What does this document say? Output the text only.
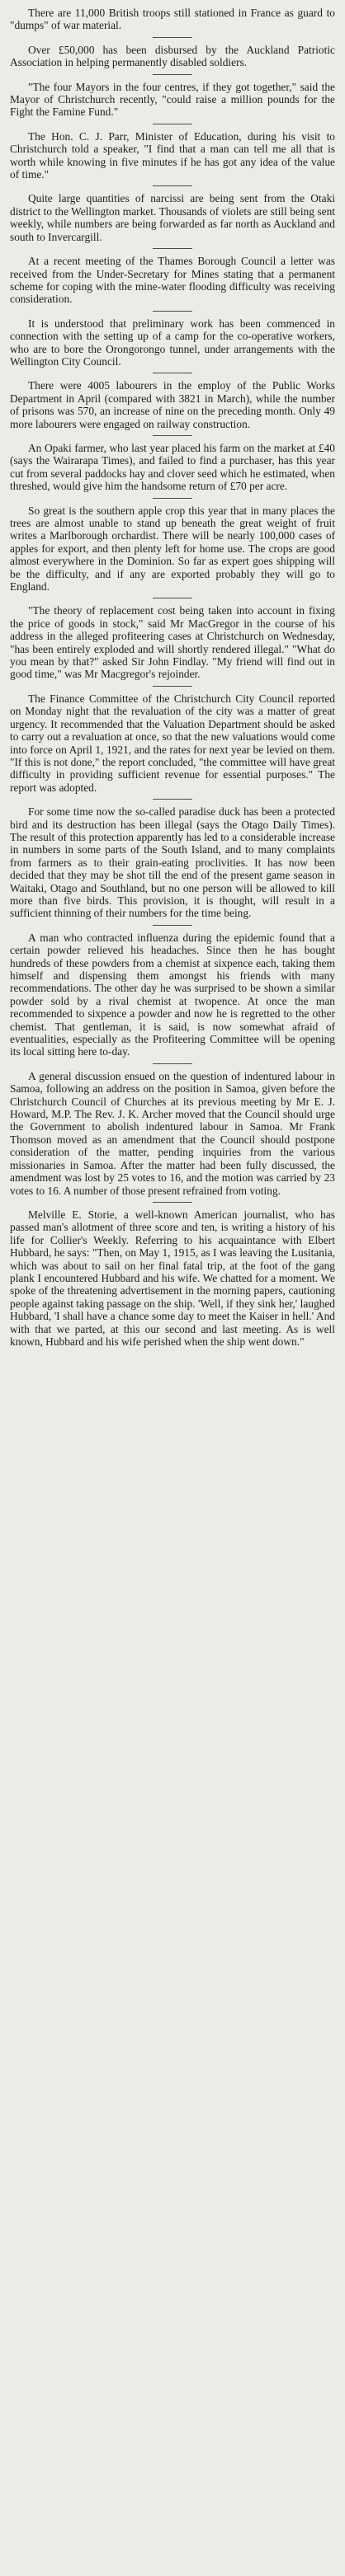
There are 11,000 British troops still stationed in France as guard to "dumps" of war material.

Over £50,000 has been disbursed by the Auckland Patriotic Association in helping permanently disabled soldiers.

"The four Mayors in the four centres, if they got together," said the Mayor of Christchurch recently, "could raise a million pounds for the Fight the Famine Fund."

The Hon. C. J. Parr, Minister of Education, during his visit to Christchurch told a speaker, "I find that a man can tell me all that is worth while knowing in five minutes if he has got any idea of the value of time."

Quite large quantities of narcissi are being sent from the Otaki district to the Wellington market. Thousands of violets are still being sent weekly, while numbers are being forwarded as far north as Auckland and south to Invercargill.

At a recent meeting of the Thames Borough Council a letter was received from the Under-Secretary for Mines stating that a permanent scheme for coping with the mine-water flooding difficulty was receiving consideration.

It is understood that preliminary work has been commenced in connection with the setting up of a camp for the co-operative workers, who are to bore the Orongorongo tunnel, under arrangements with the Wellington City Council.

There were 4005 labourers in the employ of the Public Works Department in April (compared with 3821 in March), while the number of prisons was 570, an increase of nine on the preceding month. Only 49 more labourers were engaged on railway construction.

An Opaki farmer, who last year placed his farm on the market at £40 (says the Wairarapa Times), and failed to find a purchaser, has this year cut from several paddocks hay and clover seed which he estimated, when threshed, would give him the handsome return of £70 per acre.

So great is the southern apple crop this year that in many places the trees are almost unable to stand up beneath the great weight of fruit writes a Marlborough orchardist. There will be nearly 100,000 cases of apples for export, and then plenty left for home use. The crops are good almost everywhere in the Dominion. So far as expert goes shipping will be the difficulty, and if any are exported probably they will go to England.

"The theory of replacement cost being taken into account in fixing the price of goods in stock," said Mr MacGregor in the course of his address in the alleged profiteering cases at Christchurch on Wednesday, "has been entirely exploded and will shortly rendered illegal." "What do you mean by that?" asked Sir John Findlay. "My friend will find out in good time," was Mr Macgregor's rejoinder.

The Finance Committee of the Christchurch City Council reported on Monday night that the revaluation of the city was a matter of great urgency. It recommended that the Valuation Department should be asked to carry out a revaluation at once, so that the new valuations would come into force on April 1, 1921, and the rates for next year be levied on them. "If this is not done," the report concluded, "the committee will have great difficulty in providing sufficient revenue for essential purposes." The report was adopted.

For some time now the so-called paradise duck has been a protected bird and its destruction has been illegal (says the Otago Daily Times). The result of this protection apparently has led to a considerable increase in numbers in some parts of the South Island, and to many complaints from farmers as to their grain-eating proclivities. It has now been decided that they may be shot till the end of the present game season in Waitaki, Otago and Southland, but no one person will be allowed to kill more than five birds. This provision, it is thought, will result in a sufficient thinning of their numbers for the time being.

A man who contracted influenza during the epidemic found that a certain powder relieved his headaches. Since then he has bought hundreds of these powders from a chemist at sixpence each, taking them himself and dispensing them amongst his friends with many recommendations. The other day he was surprised to be shown a similar powder sold by a rival chemist at twopence. At once the man recommended to sixpence a powder and now he is regretted to the other chemist. That gentleman, it is said, is now somewhat afraid of eventualities, especially as the Profiteering Committee will be opening its local sitting here to-day.

A general discussion ensued on the question of indentured labour in Samoa, following an address on the position in Samoa, given before the Christchurch Council of Churches at its previous meeting by Mr E. J. Howard, M.P. The Rev. J. K. Archer moved that the Council should urge the Government to abolish indentured labour in Samoa. Mr Frank Thomson moved as an amendment that the Council should postpone consideration of the matter, pending inquiries from the various missionaries in Samoa. After the matter had been fully discussed, the amendment was lost by 25 votes to 16, and the motion was carried by 23 votes to 16. A number of those present refrained from voting.

Melville E. Storie, a well-known American journalist, who has passed man's allotment of three score and ten, is writing a history of his life for Collier's Weekly. Referring to his acquaintance with Elbert Hubbard, he says: "Then, on May 1, 1915, as I was leaving the Lusitania, which was about to sail on her final fatal trip, at the foot of the gang plank I encountered Hubbard and his wife. We chatted for a moment. We spoke of the threatening advertisement in the morning papers, cautioning people against taking passage on the ship. 'Well, if they sink her,' laughed Hubbard, 'I shall have a chance some day to meet the Kaiser in hell.' And with that we parted, at this our second and last meeting. As is well known, Hubbard and his wife perished when the ship went down."
